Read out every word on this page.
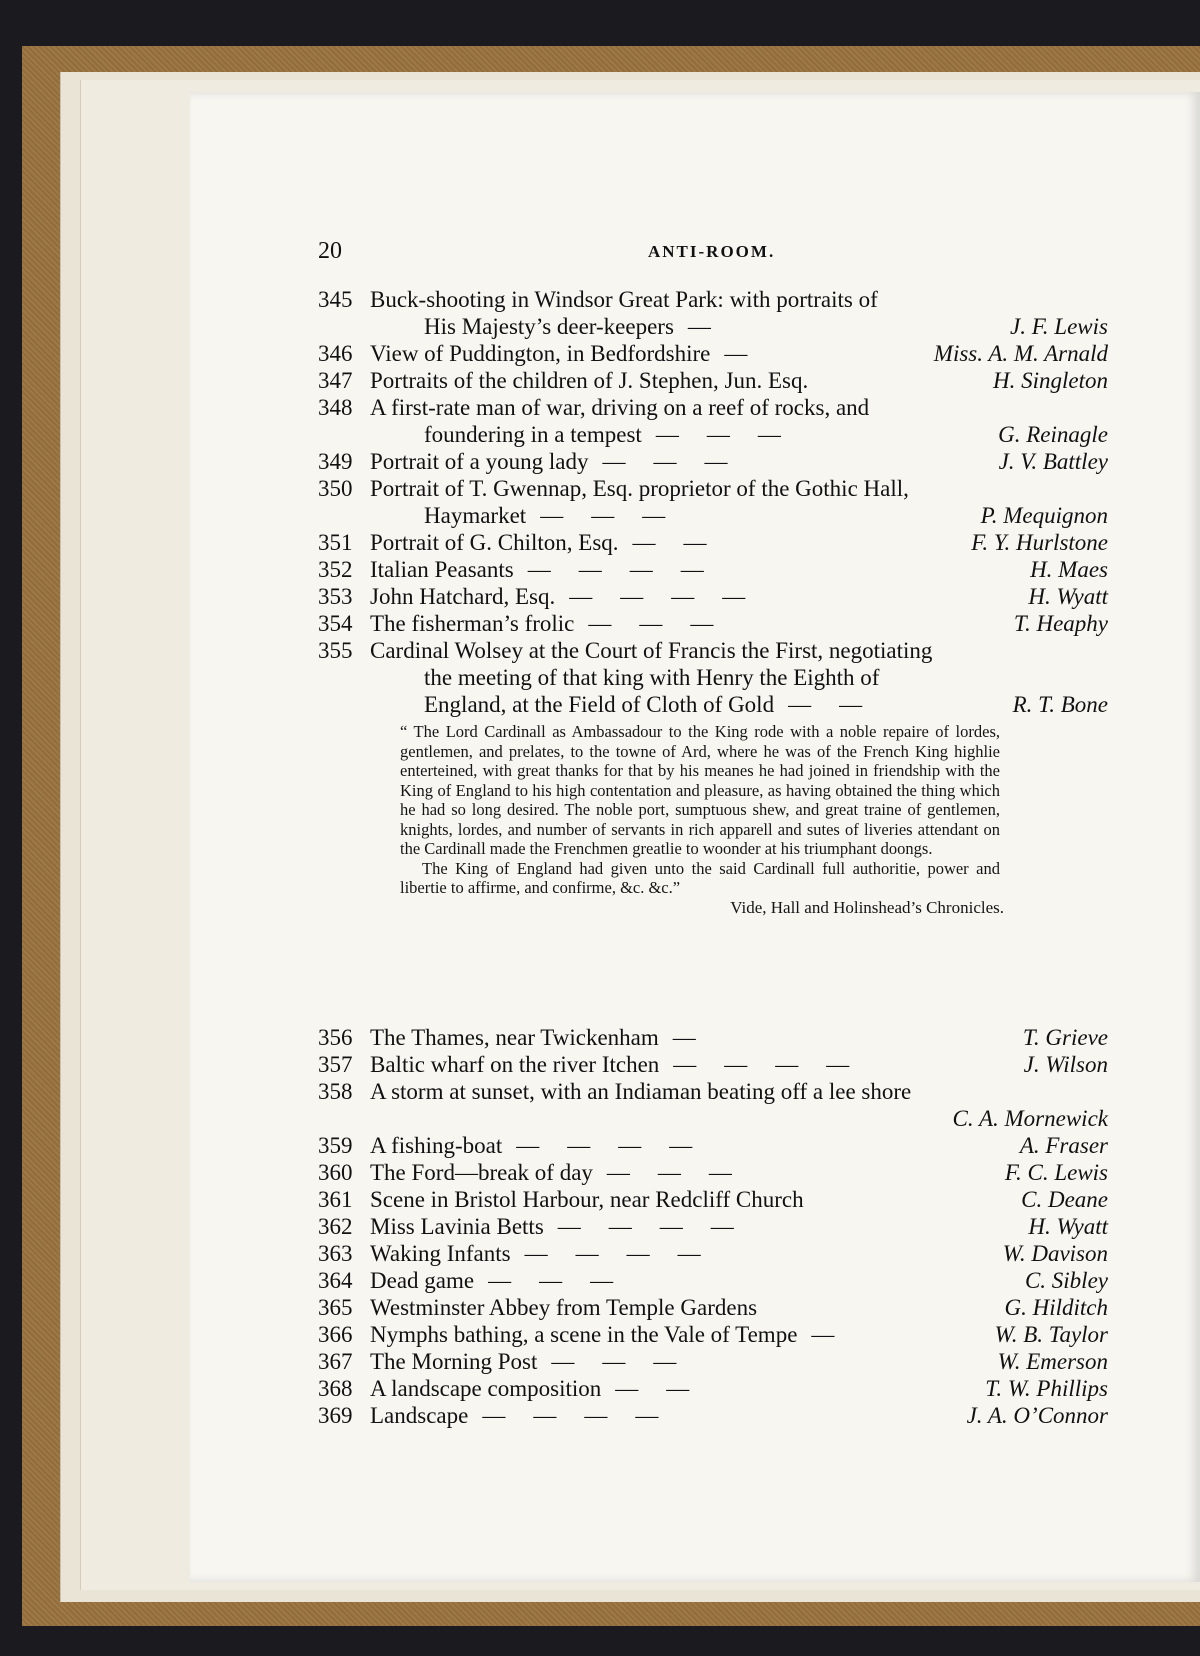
20	ANTI-ROOM.
345 Buck-shooting in Windsor Great Park: with portraits of
His Majesty’s deer-keepers —	J. F. Lewis
346 View of Puddington, in Bedfordshire —	Miss. A. M. Arnald
347 Portraits of the children of J. Stephen, Jun. Esq.	H. Singleton
348 A first-rate man of war, driving on a reef of rocks, and
foundering in a tempest — — —	G. Reinagle
349 Portrait of a young lady — — —	J. V. Battley
350 Portrait of T. Gwennap, Esq. proprietor of the Gothic Hall,
Haymarket — — —	P. Mequignon
351 Portrait of G. Chilton, Esq. — —	F. Y. Hurlstone
352 Italian Peasants — — — —	H. Maes
353 John Hatchard, Esq. — — — —	H. Wyatt
354 The fisherman’s frolic — — —	T. Heaphy
355 Cardinal Wolsey at the Court of Francis the First, negotiating
the meeting of that king with Henry the Eighth of
England, at the Field of Cloth of Gold — —	R. T. Bone

“ The Lord Cardinall as Ambassadour to the King rode with a noble repaire of lordes, gentlemen, and prelates, to the towne of Ard, where he was of the French King highlie enterteined, with great thanks for that by his meanes he had joined in friendship with the King of England to his high contentation and pleasure, as having obtained the thing which he had so long desired. The noble port, sumptuous shew, and great traine of gentlemen, knights, lordes, and number of servants in rich apparell and sutes of liveries attendant on the Cardinall made the Frenchmen greatlie to woonder at his triumphant doongs.

The King of England had given unto the said Cardinall full authoritie, power and libertie to affirme, and confirme, &c. &c.”

Vide, Hall and Holinshead’s Chronicles.

356 The Thames, near Twickenham —	T. Grieve
357 Baltic wharf on the river Itchen — — — —	J. Wilson
358 A storm at sunset, with an Indiaman beating off a lee shore
C. A. Mornewick
359 A fishing-boat — — — —	A. Fraser
360 The Ford—break of day — — —	F. C. Lewis
361 Scene in Bristol Harbour, near Redcliff Church	C. Deane
362 Miss Lavinia Betts — — — —	H. Wyatt
363 Waking Infants — — — —	W. Davison
364 Dead game — — —	C. Sibley
365 Westminster Abbey from Temple Gardens	G. Hilditch
366 Nymphs bathing, a scene in the Vale of Tempe —	W. B. Taylor
367 The Morning Post — — —	W. Emerson
368 A landscape composition — —	T. W. Phillips
369 Landscape — — — —	J. A. O’Connor
